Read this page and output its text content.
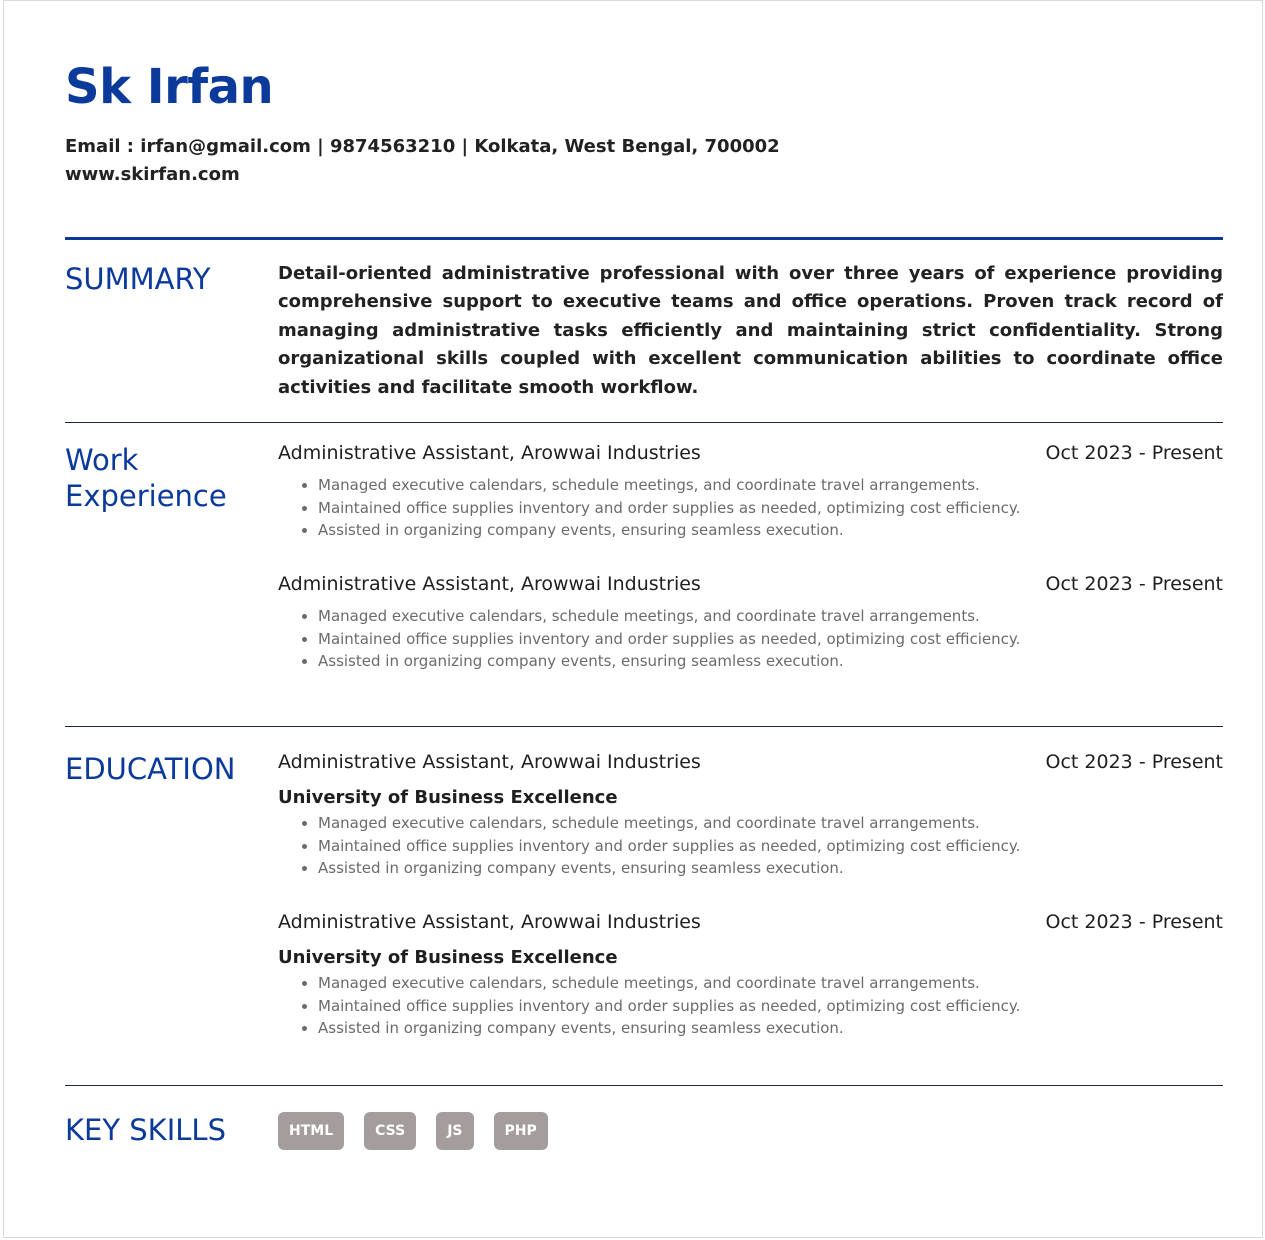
Sk Irfan
Email : irfan@gmail.com | 9874563210 | Kolkata, West Bengal, 700002
www.skirfan.com
SUMMARY	Detail-oriented administrative professional with over three years of experience providing comprehensive support to executive teams and office operations. Proven track record of managing administrative tasks efficiently and maintaining strict confidentiality. Strong organizational skills coupled with excellent communication abilities to coordinate office activities and facilitate smooth workflow.

Work
Experience
Administrative Assistant, Arowwai Industries	Oct 2023 - Present
• Managed executive calendars, schedule meetings, and coordinate travel arrangements.
• Maintained office supplies inventory and order supplies as needed, optimizing cost efficiency.
• Assisted in organizing company events, ensuring seamless execution.
Administrative Assistant, Arowwai Industries	Oct 2023 - Present
• Managed executive calendars, schedule meetings, and coordinate travel arrangements.
• Maintained office supplies inventory and order supplies as needed, optimizing cost efficiency.
• Assisted in organizing company events, ensuring seamless execution.
EDUCATION	Administrative Assistant, Arowwai Industries	Oct 2023 - Present
University of Business Excellence
• Managed executive calendars, schedule meetings, and coordinate travel arrangements.
• Maintained office supplies inventory and order supplies as needed, optimizing cost efficiency.
• Assisted in organizing company events, ensuring seamless execution.
Administrative Assistant, Arowwai Industries	Oct 2023 - Present
University of Business Excellence
• Managed executive calendars, schedule meetings, and coordinate travel arrangements.
• Maintained office supplies inventory and order supplies as needed, optimizing cost efficiency.
• Assisted in organizing company events, ensuring seamless execution.
KEY SKILLS	HTML	CSS	JS	PHP
